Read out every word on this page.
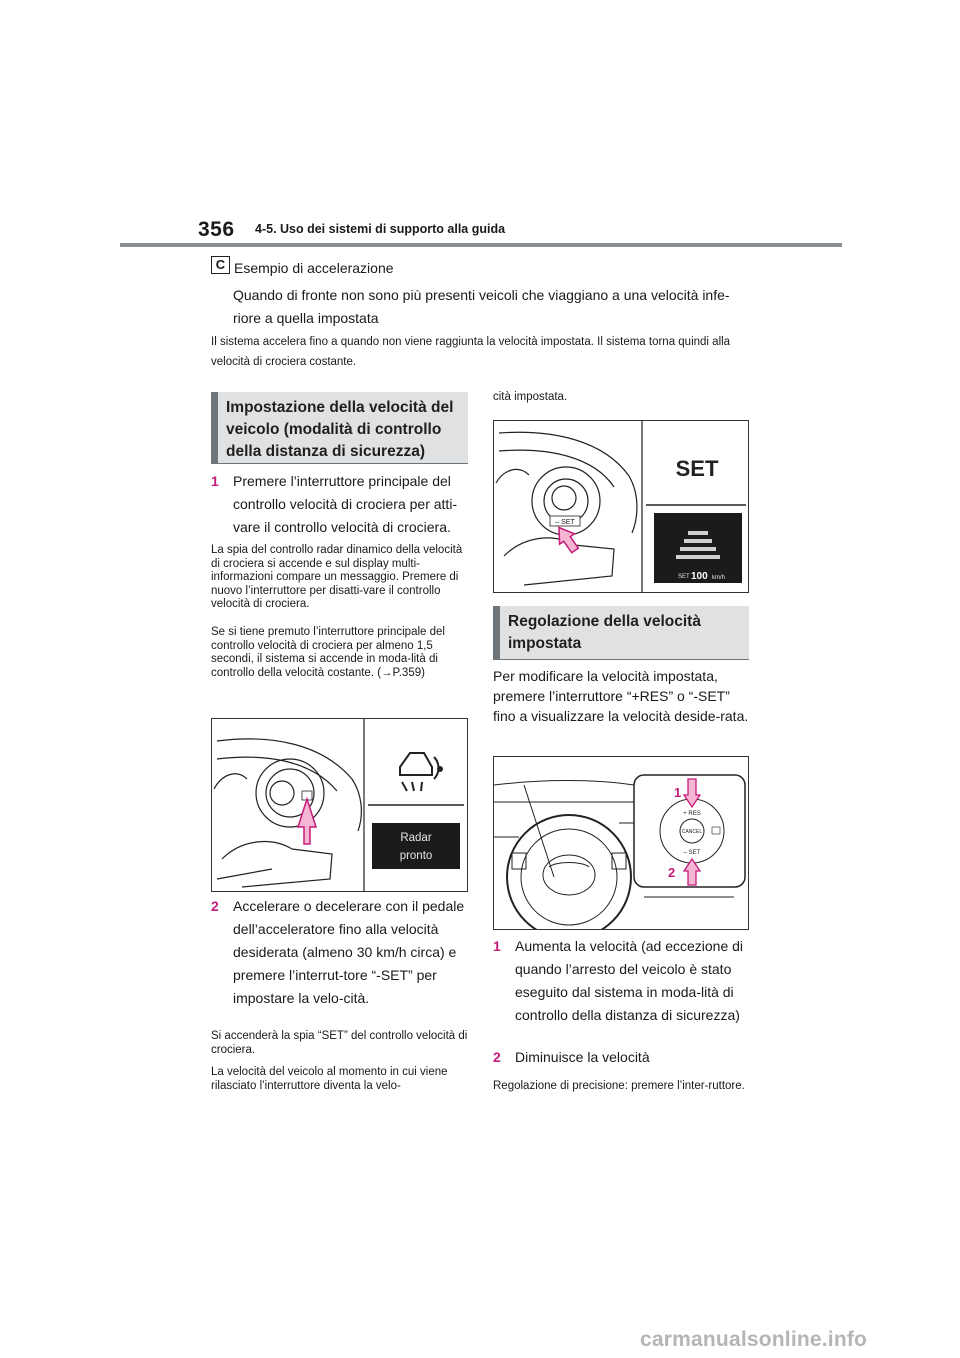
356 4-5. Uso dei sistemi di supporto alla guida
C Esempio di accelerazione
Quando di fronte non sono più presenti veicoli che viaggiano a una velocità infe-riore a quella impostata
Il sistema accelera fino a quando non viene raggiunta la velocità impostata. Il sistema torna quindi alla velocità di crociera costante.
Impostazione della velocità del veicolo (modalità di controllo della distanza di sicurezza)
1	Premere l’interruttore principale del controllo velocità di crociera per atti-vare il controllo velocità di crociera.
La spia del controllo radar dinamico della velocità di crociera si accende e sul display multi-informazioni compare un messaggio. Premere di nuovo l’interruttore per disatti-vare il controllo velocità di crociera.
Se si tiene premuto l’interruttore principale del controllo velocità di crociera per almeno 1,5 secondi, il sistema si accende in moda-lità di controllo della velocità costante. (→P.359)
Radar
pronto
2	Accelerare o decelerare con il pedale dell’acceleratore fino alla velocità desiderata (almeno 30 km/h circa) e premere l’interrut-tore “-SET” per impostare la velo-cità.
Si accenderà la spia “SET” del controllo velocità di crociera.
La velocità del veicolo al momento in cui viene rilasciato l’interruttore diventa la velo-
cità impostata.
– SET
SET
SET 100 km/h
Regolazione della velocità impostata
Per modificare la velocità impostata, premere l’interruttore “+RES” o “-SET” fino a visualizzare la velocità deside-rata.
+ RES
CANCEL
– SET
1
2
1	Aumenta la velocità (ad eccezione di quando l’arresto del veicolo è stato eseguito dal sistema in moda-lità di controllo della distanza di sicurezza)
2	Diminuisce la velocità
Regolazione di precisione: premere l’inter-ruttore.
carmanualsonline.info
